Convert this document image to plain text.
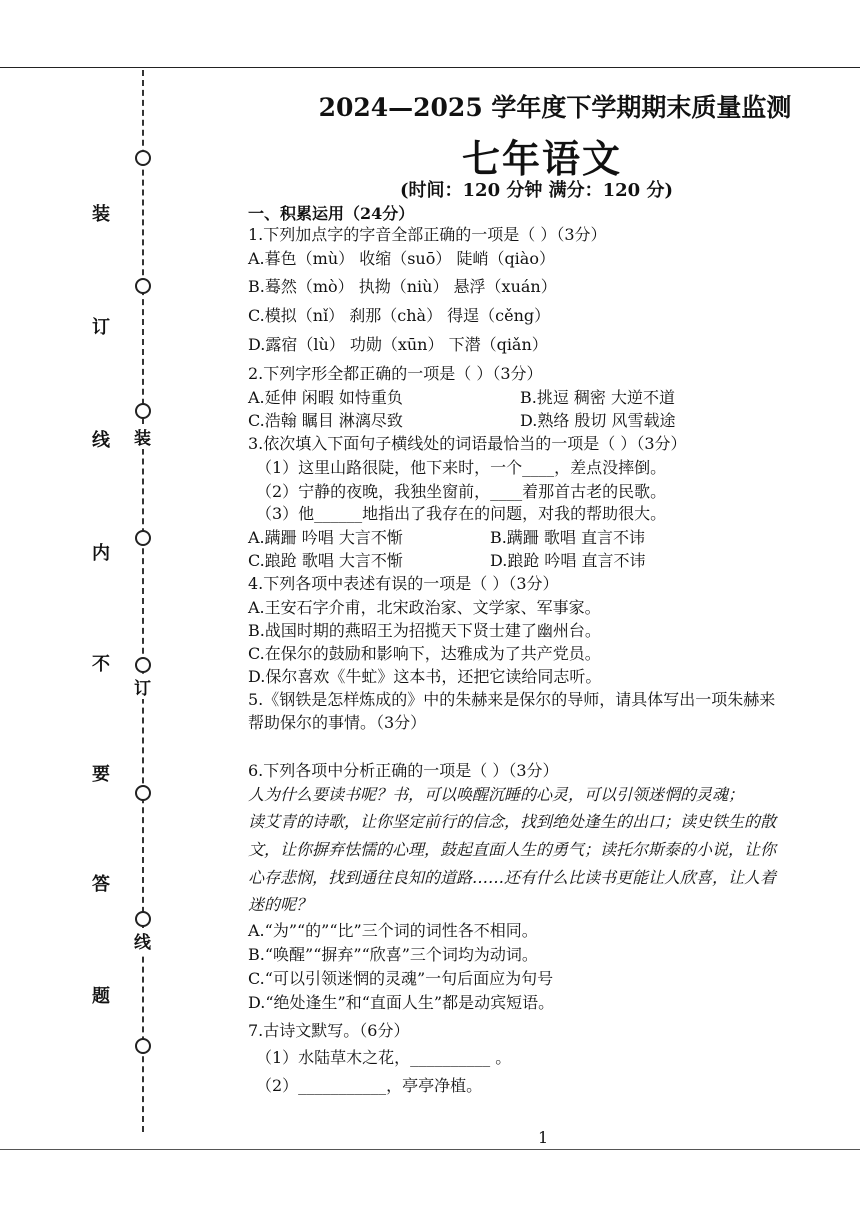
装
订
线
内
不
要
答
题
装
订
线
2024—2025 学年度下学期期末质量监测
七年语文
(时间：120 分钟 满分：120 分)
一、积累运用（24分）
1.下列加点字的字音全部正确的一项是（ ）（3分）
A.暮色（mù） 收缩（suō） 陡峭（qiào）
B.蓦然（mò） 执拗（niù） 悬浮（xuán）
C.模拟（nǐ） 刹那（chà） 得逞（cěng）
D.露宿（lù） 功勋（xūn） 下潜（qiǎn）
2.下列字形全都正确的一项是（ ）（3分）
A.延伸 闲暇 如恃重负	B.挑逗 稠密 大逆不道
C.浩翰 瞩目 淋漓尽致	D.熟络 殷切 风雪载途
3.依次填入下面句子横线处的词语最恰当的一项是（ ）（3分）
（1）这里山路很陡，他下来时，一个____，差点没摔倒。
（2）宁静的夜晚，我独坐窗前，____着那首古老的民歌。
（3）他______地指出了我存在的问题，对我的帮助很大。
A.蹒跚 吟唱 大言不惭	B.蹒跚 歌唱 直言不讳
C.踉跄 歌唱 大言不惭	D.踉跄 吟唱 直言不讳
4.下列各项中表述有误的一项是（ ）（3分）
A.王安石字介甫，北宋政治家、文学家、军事家。
B.战国时期的燕昭王为招揽天下贤士建了幽州台。
C.在保尔的鼓励和影响下，达雅成为了共产党员。
D.保尔喜欢《牛虻》这本书，还把它读给同志听。
5.《钢铁是怎样炼成的》中的朱赫来是保尔的导师，请具体写出一项朱赫来
帮助保尔的事情。（3分）
6.下列各项中分析正确的一项是（ ）（3分）
人为什么要读书呢？书，可以唤醒沉睡的心灵，可以引领迷惘的灵魂；
读艾青的诗歌，让你坚定前行的信念，找到绝处逢生的出口；读史铁生的散
文，让你摒弃怯懦的心理，鼓起直面人生的勇气；读托尔斯泰的小说，让你
心存悲悯，找到通往良知的道路……还有什么比读书更能让人欣喜，让人着
迷的呢？
A.“为”“的”“比”三个词的词性各不相同。
B.“唤醒”“摒弃”“欣喜”三个词均为动词。
C.“可以引领迷惘的灵魂”一句后面应为句号
D.“绝处逢生”和“直面人生”都是动宾短语。
7.古诗文默写。（6分）
（1）水陆草木之花，__________ 。
（2）___________，亭亭净植。
1
